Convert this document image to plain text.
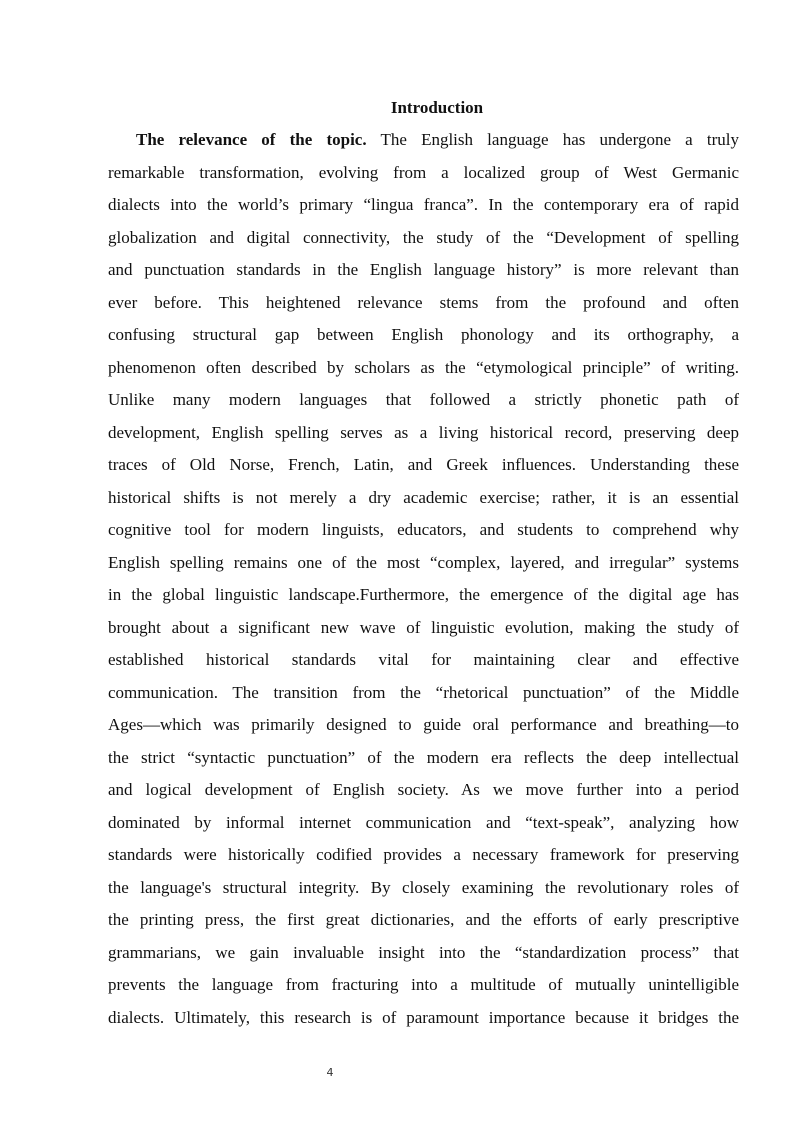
Introduction
The relevance of the topic. The English language has undergone a truly
remarkable transformation, evolving from a localized group of West Germanic
dialects into the world’s primary “lingua franca”. In the contemporary era of rapid
globalization and digital connectivity, the study of the “Development of spelling
and punctuation standards in the English language history” is more relevant than
ever before. This heightened relevance stems from the profound and often
confusing structural gap between English phonology and its orthography, a
phenomenon often described by scholars as the “etymological principle” of writing.
Unlike many modern languages that followed a strictly phonetic path of
development, English spelling serves as a living historical record, preserving deep
traces of Old Norse, French, Latin, and Greek influences. Understanding these
historical shifts is not merely a dry academic exercise; rather, it is an essential
cognitive tool for modern linguists, educators, and students to comprehend why
English spelling remains one of the most “complex, layered, and irregular” systems
in the global linguistic landscape.Furthermore, the emergence of the digital age has
brought about a significant new wave of linguistic evolution, making the study of
established historical standards vital for maintaining clear and effective
communication. The transition from the “rhetorical punctuation” of the Middle
Ages—which was primarily designed to guide oral performance and breathing—to
the strict “syntactic punctuation” of the modern era reflects the deep intellectual
and logical development of English society. As we move further into a period
dominated by informal internet communication and “text-speak”, analyzing how
standards were historically codified provides a necessary framework for preserving
the language's structural integrity. By closely examining the revolutionary roles of
the printing press, the first great dictionaries, and the efforts of early prescriptive
grammarians, we gain invaluable insight into the “standardization process” that
prevents the language from fracturing into a multitude of mutually unintelligible
dialects. Ultimately, this research is of paramount importance because it bridges the
4
